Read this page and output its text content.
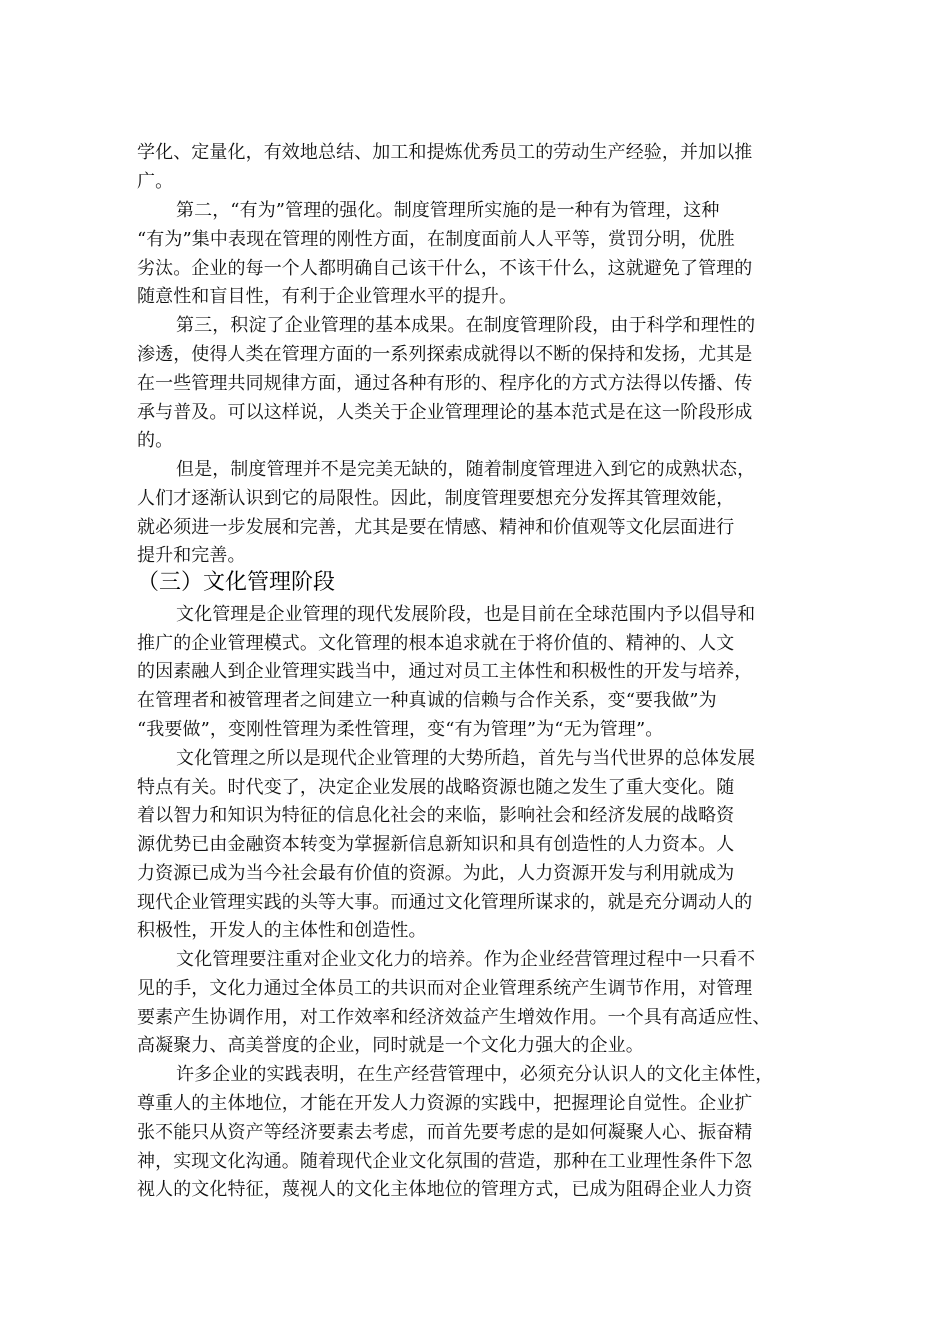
学化、定量化，有效地总结、加工和提炼优秀员工的劳动生产经验，并加以推
广。
第二，“有为”管理的强化。制度管理所实施的是一种有为管理，这种
“有为”集中表现在管理的刚性方面，在制度面前人人平等，赏罚分明，优胜
劣汰。企业的每一个人都明确自己该干什么，不该干什么，这就避免了管理的
随意性和盲目性，有利于企业管理水平的提升。
第三，积淀了企业管理的基本成果。在制度管理阶段，由于科学和理性的
渗透，使得人类在管理方面的一系列探索成就得以不断的保持和发扬，尤其是
在一些管理共同规律方面，通过各种有形的、程序化的方式方法得以传播、传
承与普及。可以这样说，人类关于企业管理理论的基本范式是在这一阶段形成
的。
但是，制度管理并不是完美无缺的，随着制度管理进入到它的成熟状态，
人们才逐渐认识到它的局限性。因此，制度管理要想充分发挥其管理效能，
就必须进一步发展和完善，尤其是要在情感、精神和价值观等文化层面进行
提升和完善。
（三）文化管理阶段
文化管理是企业管理的现代发展阶段，也是目前在全球范围内予以倡导和
推广的企业管理模式。文化管理的根本追求就在于将价值的、精神的、人文
的因素融人到企业管理实践当中，通过对员工主体性和积极性的开发与培养，
在管理者和被管理者之间建立一种真诚的信赖与合作关系，变“要我做”为
“我要做”，变刚性管理为柔性管理，变“有为管理”为“无为管理”。
文化管理之所以是现代企业管理的大势所趋，首先与当代世界的总体发展
特点有关。时代变了，决定企业发展的战略资源也随之发生了重大变化。随
着以智力和知识为特征的信息化社会的来临，影响社会和经济发展的战略资
源优势已由金融资本转变为掌握新信息新知识和具有创造性的人力资本。人
力资源已成为当今社会最有价值的资源。为此，人力资源开发与利用就成为
现代企业管理实践的头等大事。而通过文化管理所谋求的，就是充分调动人的
积极性，开发人的主体性和创造性。
文化管理要注重对企业文化力的培养。作为企业经营管理过程中一只看不
见的手，文化力通过全体员工的共识而对企业管理系统产生调节作用，对管理
要素产生协调作用，对工作效率和经济效益产生增效作用。一个具有高适应性、
高凝聚力、高美誉度的企业，同时就是一个文化力强大的企业。
许多企业的实践表明，在生产经营管理中，必须充分认识人的文化主体性，
尊重人的主体地位，才能在开发人力资源的实践中，把握理论自觉性。企业扩
张不能只从资产等经济要素去考虑，而首先要考虑的是如何凝聚人心、振奋精
神，实现文化沟通。随着现代企业文化氛围的营造，那种在工业理性条件下忽
视人的文化特征，蔑视人的文化主体地位的管理方式，已成为阻碍企业人力资
